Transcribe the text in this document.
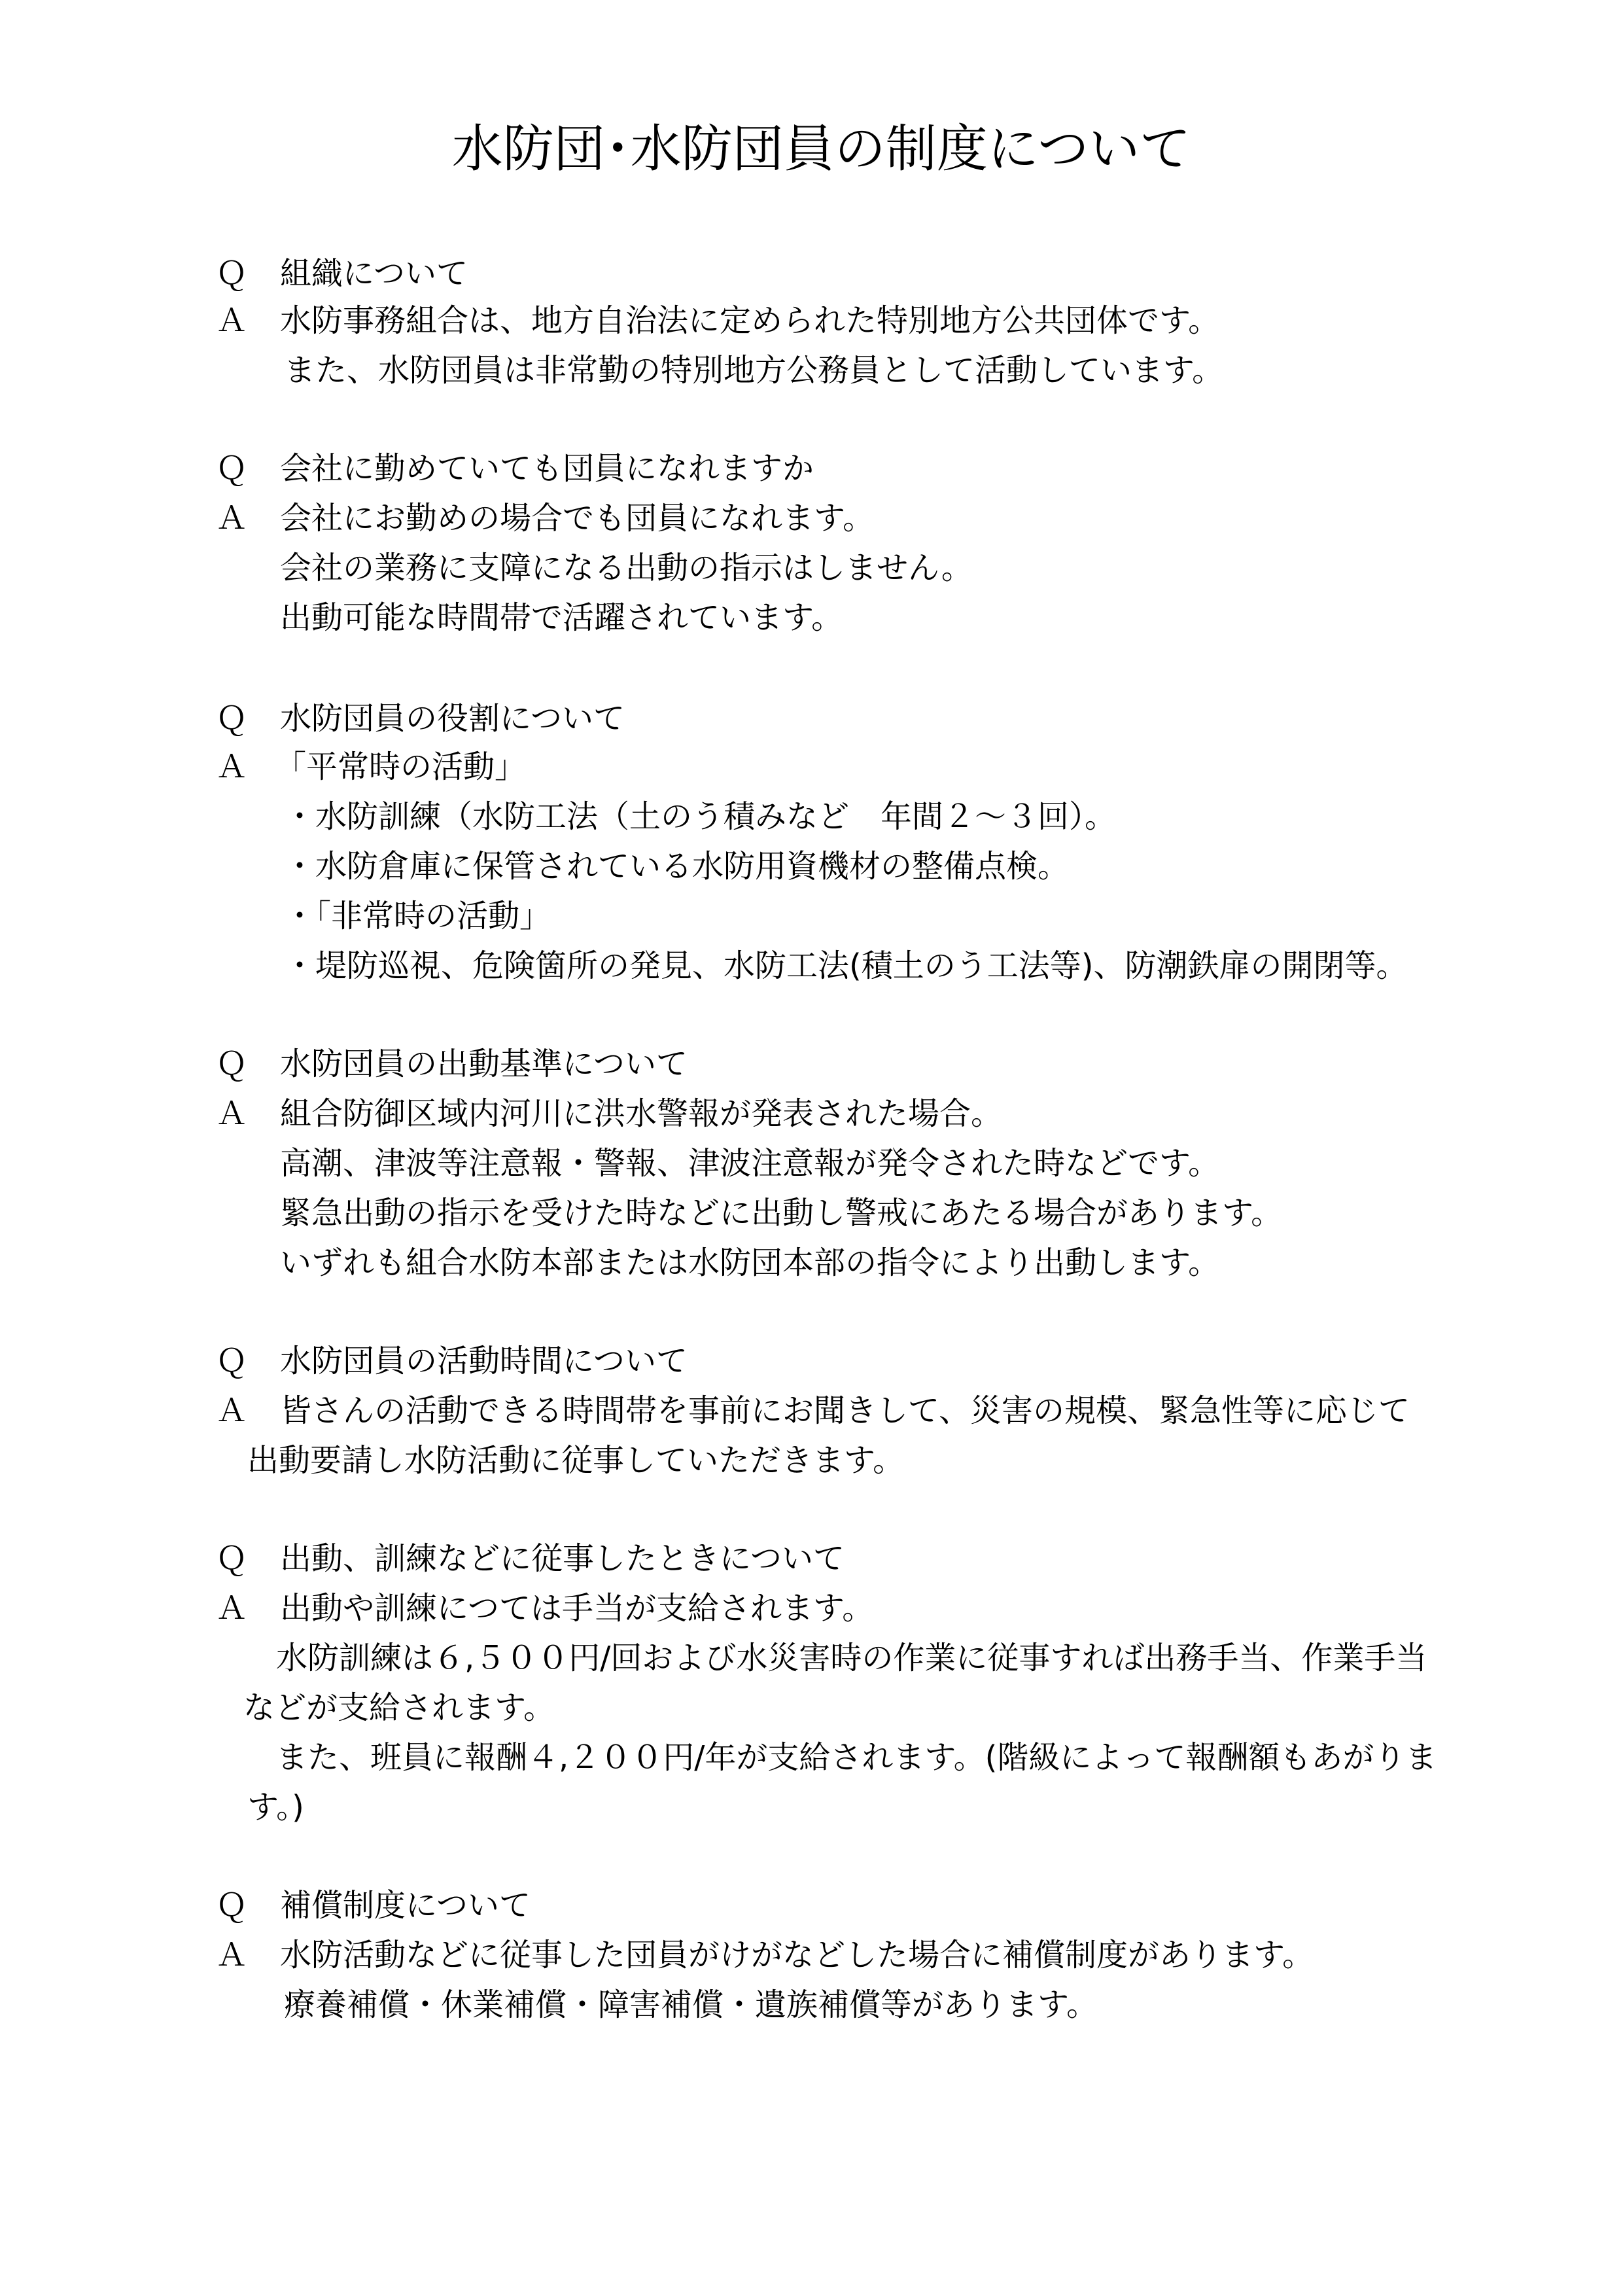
水防団･水防団員の制度について
Ｑ 組織について
Ａ 水防事務組合は、地方自治法に定められた特別地方公共団体です。
また、水防団員は非常勤の特別地方公務員として活動しています。
Ｑ 会社に勤めていても団員になれますか
Ａ 会社にお勤めの場合でも団員になれます。
会社の業務に支障になる出動の指示はしません。
出動可能な時間帯で活躍されています。
Ｑ 水防団員の役割について
Ａ 「平常時の活動」
・水防訓練（水防工法（土のう積みなど　年間２～３回）。
・水防倉庫に保管されている水防用資機材の整備点検。
・「非常時の活動」
・堤防巡視、危険箇所の発見、水防工法(積土のう工法等)、防潮鉄扉の開閉等。
Ｑ 水防団員の出動基準について
Ａ 組合防御区域内河川に洪水警報が発表された場合。
高潮、津波等注意報・警報、津波注意報が発令された時などです。
緊急出動の指示を受けた時などに出動し警戒にあたる場合があります。
いずれも組合水防本部または水防団本部の指令により出動します。
Ｑ 水防団員の活動時間について
Ａ 皆さんの活動できる時間帯を事前にお聞きして、災害の規模、緊急性等に応じて
出動要請し水防活動に従事していただきます。
Ｑ 出動、訓練などに従事したときについて
Ａ 出動や訓練につては手当が支給されます。
水防訓練は６,５００円/回および水災害時の作業に従事すれば出務手当、作業手当
などが支給されます。
また、班員に報酬４,２００円/年が支給されます。(階級によって報酬額もあがりま
す。)
Ｑ 補償制度について
Ａ 水防活動などに従事した団員がけがなどした場合に補償制度があります。
療養補償・休業補償・障害補償・遺族補償等があります。
